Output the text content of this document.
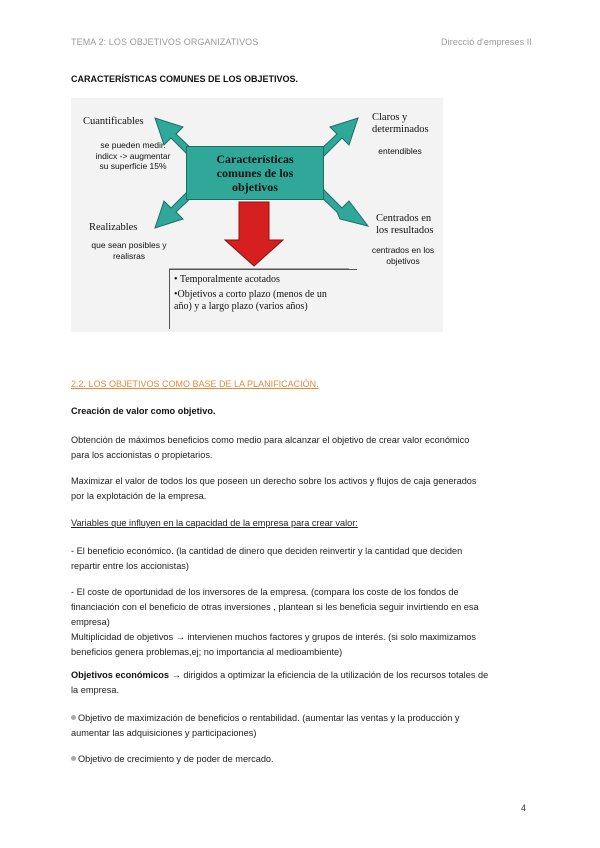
TEMA 2: LOS OBJETIVOS ORGANIZATIVOS	Direcció d'empreses II
CARACTERÍSTICAS COMUNES DE LOS OBJETIVOS.
Características
comunes de los
objetivos
Cuantificables
se pueden medir.
indicx -> augmentar
su superficie 15%
Claros y
determinados
entendibles
Realizables
que sean posibles y
realisras
Centrados en
los resultados
centrados en los
objetivos
• Temporalmente acotados
•Objetivos a corto plazo (menos de un
año) y a largo plazo (varios años)
2.2. LOS OBJETIVOS COMO BASE DE LA PLANIFICACIÓN.
Creación de valor como objetivo.
Obtención de máximos beneficios como medio para alcanzar el objetivo de crear valor económico
para los accionistas o propietarios.
Maximizar el valor de todos los que poseen un derecho sobre los activos y flujos de caja generados
por la explotación de la empresa.
Variables que influyen en la capacidad de la empresa para crear valor:
- El beneficio económico. (la cantidad de dinero que deciden reinvertir y la cantidad que deciden
repartir entre los accionistas)
- El coste de oportunidad de los inversores de la empresa. (compara los coste de los fondos de
financiación con el beneficio de otras inversiones , plantean si les beneficia seguir invirtiendo en esa
empresa)
Multiplicidad de objetivos → intervienen muchos factores y grupos de interés. (si solo maximizamos
beneficios genera problemas,ej; no importancia al medioambiente)
Objetivos económicos → dirigidos a optimizar la eficiencia de la utilización de los recursos totales de
la empresa.
Objetivo de maximización de beneficios o rentabilidad. (aumentar las ventas y la producción y
aumentar las adquisiciones y participaciones)
Objetivo de crecimiento y de poder de mercado.
4
